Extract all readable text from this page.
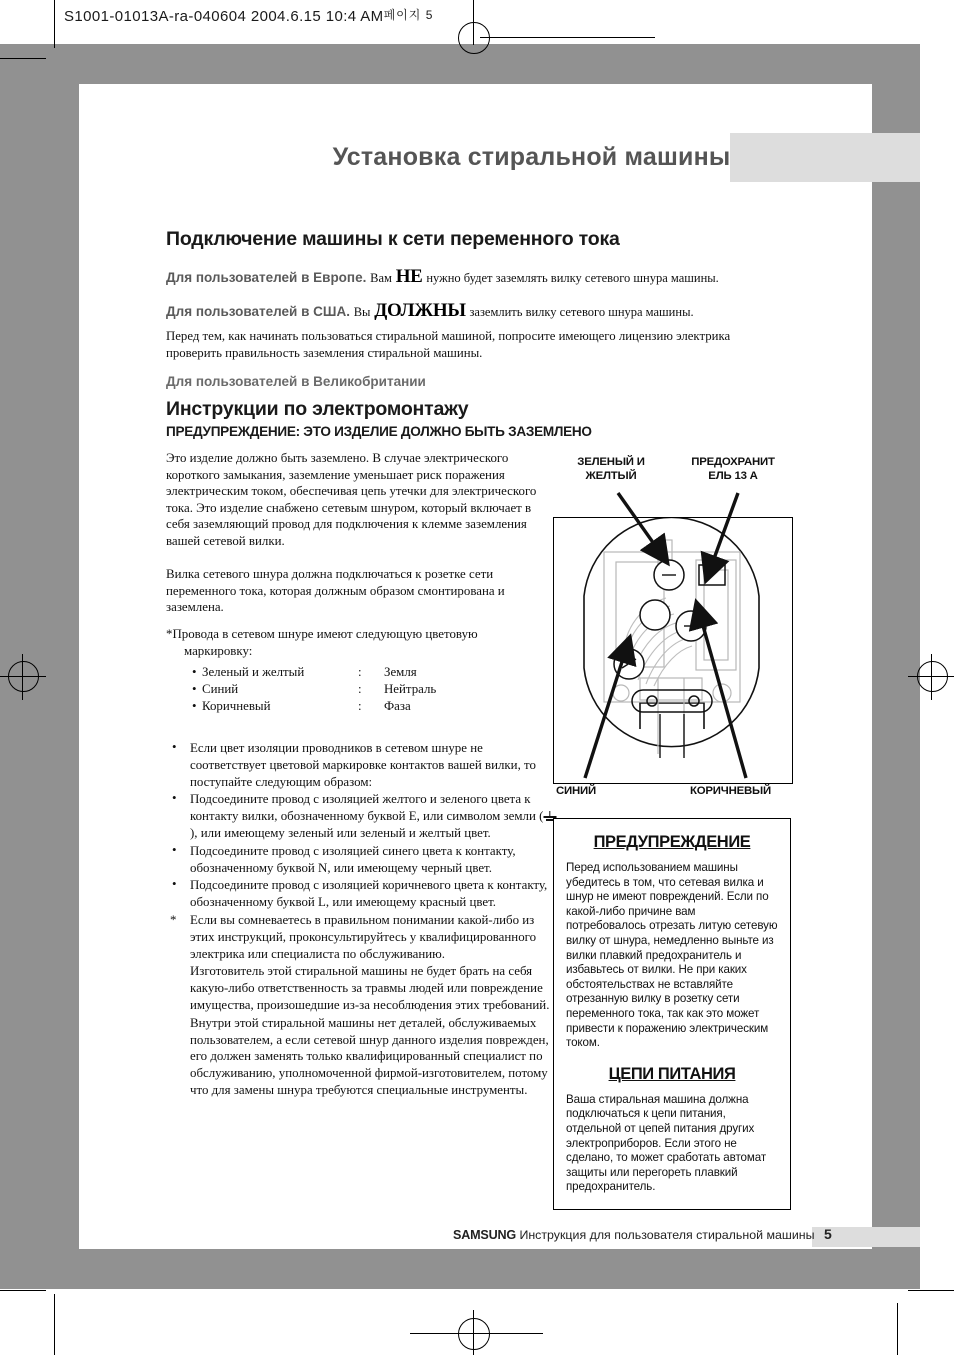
S1001-01013A-ra-040604 2004.6.15 10:4 AM페이지 5
Установка стиральной машины
Подключение машины к сети переменного тока
Для пользователей в Европе. Вам НЕ нужно будет заземлять вилку сетевого шнура машины.
Для пользователей в США. Вы ДОЛЖНЫ заземлить вилку сетевого шнура машины.
Перед тем, как начинать пользоваться стиральной машиной, попросите имеющего лицензию электрика проверить правильность заземления стиральной машины.
Для пользователей в Великобритании
Инструкции по электромонтажу
ПРЕДУПРЕЖДЕНИЕ: ЭТО ИЗДЕЛИЕ ДОЛЖНО БЫТЬ ЗАЗЕМЛЕНО
Это изделие должно быть заземлено. В случае электрического короткого замыкания, заземление уменьшает риск поражения электрическим током, обеспечивая цепь утечки для электрического тока. Это изделие снабжено сетевым шнуром, который включает в себя заземляющий провод для подключения к клемме заземления вашей сетевой вилки.
Вилка сетевого шнура должна подключаться к розетке сети переменного тока, которая должным образом смонтирована и заземлена.
*Провода в сетевом шнуре имеют следующую цветовую
маркировку:
• Зеленый и желтый	: Земля
• Синий	: Нейтраль
• Коричневый	: Фаза
• Если цвет изоляции проводников в сетевом шнуре не соответствует цветовой маркировке контактов вашей вилки, то поступайте следующим образом:
• Подсоедините провод с изоляцией желтого и зеленого цвета к контакту вилки, обозначенному буквой E, или символом земли (
), или имеющему зеленый или зеленый и желтый цвет.
• Подсоедините провод с изоляцией синего цвета к контакту, обозначенному буквой N, или имеющему черный цвет.
• Подсоедините провод с изоляцией коричневого цвета к контакту, обозначенному буквой L, или имеющему красный цвет.
* Если вы сомневаетесь в правильном понимании какой-либо из этих инструкций, проконсультируйтесь у квалифицированного электрика или специалиста по обслуживанию.
Изготовитель этой стиральной машины не будет брать на себя какую-либо ответственность за травмы людей или повреждение имущества, произошедшие из-за несоблюдения этих требований.
Внутри этой стиральной машины нет деталей, обслуживаемых пользователем, а если сетевой шнур данного изделия поврежден, его должен заменять только квалифицированный специалист по обслуживанию, уполномоченной фирмой-изготовителем, потому что для замены шнура требуются специальные инструменты.
ЗЕЛЕНЫЙ И
ЖЕЛТЫЙ
ПРЕДОХРАНИТ
ЕЛЬ 13 A
СИНИЙ	КОРИЧНЕВЫЙ
ПРЕДУПРЕЖДЕНИЕ
Перед использованием машины убедитесь в том, что сетевая вилка и шнур не имеют повреждений. Если по какой-либо причине вам потребовалось отрезать литую сетевую вилку от шнура, немедленно выньте из вилки плавкий предохранитель и избавьтесь от вилки. Не при каких обстоятельствах не вставляйте отрезанную вилку в розетку сети переменного тока, так как это может привести к поражению электрическим током.
ЦЕПИ ПИТАНИЯ
Ваша стиральная машина должна подключаться к цепи питания, отдельной от цепей питания других электроприборов. Если этого не сделано, то может сработать автомат защиты или перегореть плавкий предохранитель.
SAMSUNG Инструкция для пользователя стиральной машины 5
